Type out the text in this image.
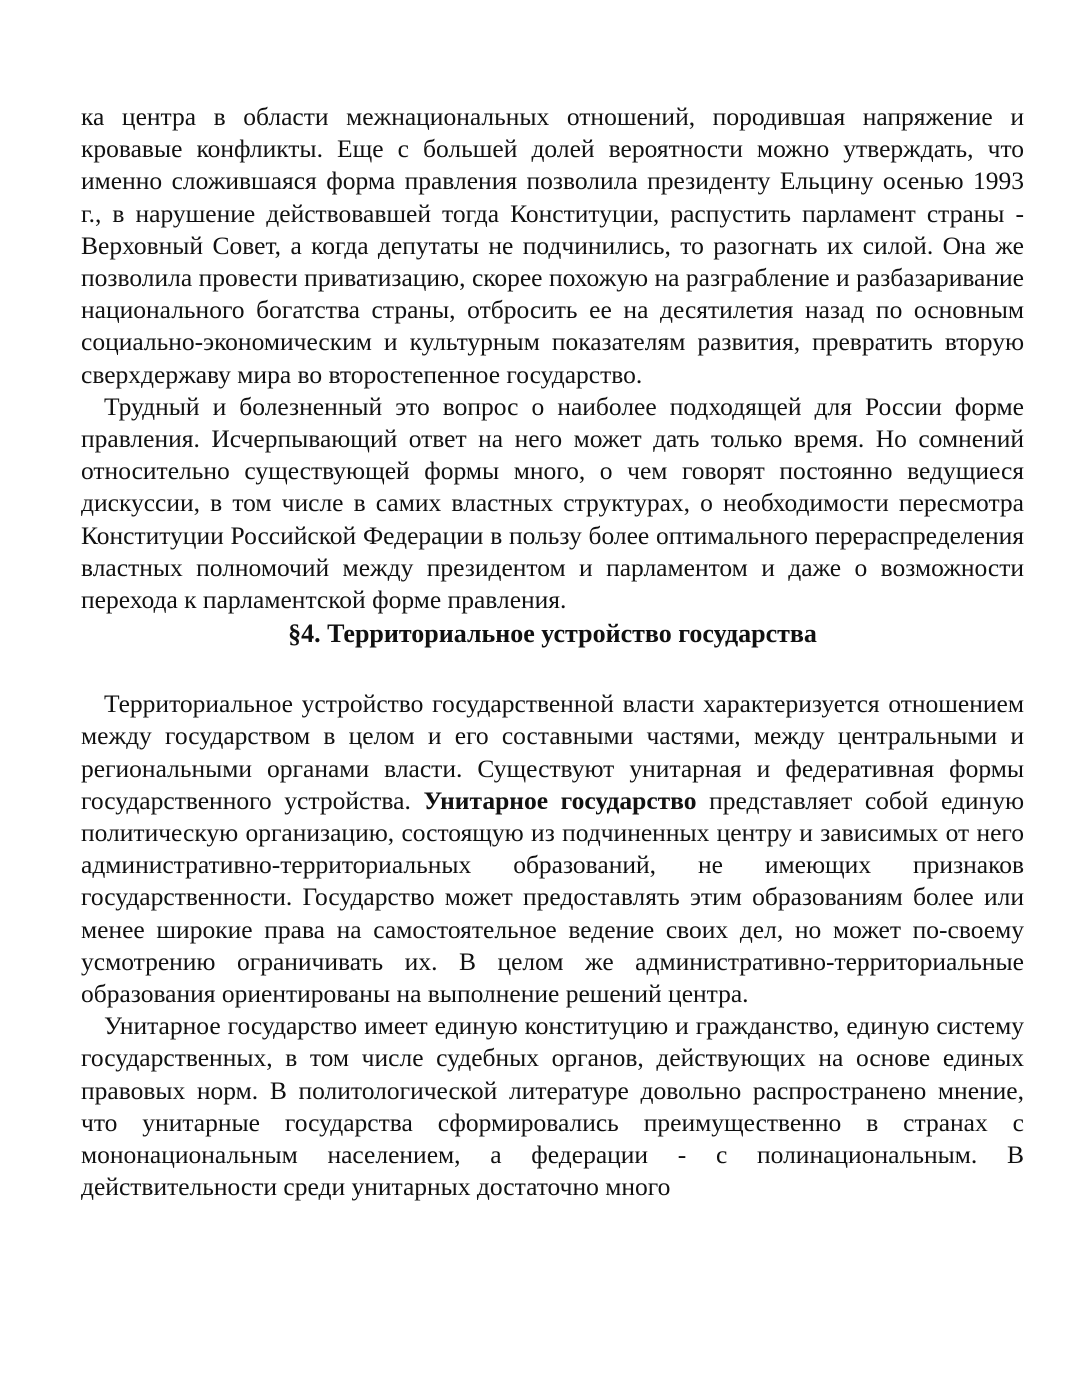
ка центра в области межнациональных отношений, породившая напряжение и кровавые конфликты. Еще с большей долей вероятности можно утверждать, что именно сложившаяся форма правления позволила президенту Ельцину осенью 1993 г., в нарушение действовавшей тогда Конституции, распустить парламент страны - Верховный Совет, а когда депутаты не подчинились, то разогнать их силой. Она же позволила провести приватизацию, скорее похожую на разграбление и разбазаривание национального богатства страны, отбросить ее на десятилетия назад по основным социально-экономическим и культурным показателям развития, превратить вторую сверхдержаву мира во второстепенное государство.

Трудный и болезненный это вопрос о наиболее подходящей для России форме правления. Исчерпывающий ответ на него может дать только время. Но сомнений относительно существующей формы много, о чем говорят постоянно ведущиеся дискуссии, в том числе в самих властных структурах, о необходимости пересмотра Конституции Российской Федерации в пользу более оптимального перераспределения властных полномочий между президентом и парламентом и даже о возможности перехода к парламентской форме правления.

§4. Территориальное устройство государства

Территориальное устройство государственной власти характеризуется отношением между государством в целом и его составными частями, между центральными и региональными органами власти. Существуют унитарная и федеративная формы государственного устройства. Унитарное государство представляет собой единую политическую организацию, состоящую из подчиненных центру и зависимых от него административно-территориальных образований, не имеющих признаков государственности. Государство может предоставлять этим образованиям более или менее широкие права на самостоятельное ведение своих дел, но может по-своему усмотрению ограничивать их. В целом же административно-территориальные образования ориентированы на выполнение решений центра.

Унитарное государство имеет единую конституцию и гражданство, единую систему государственных, в том числе судебных органов, действующих на основе единых правовых норм. В политологической литературе довольно распространено мнение, что унитарные государства сформировались преимущественно в странах с мононациональным населением, а федерации - с полинациональным. В действительности среди унитарных достаточно много
